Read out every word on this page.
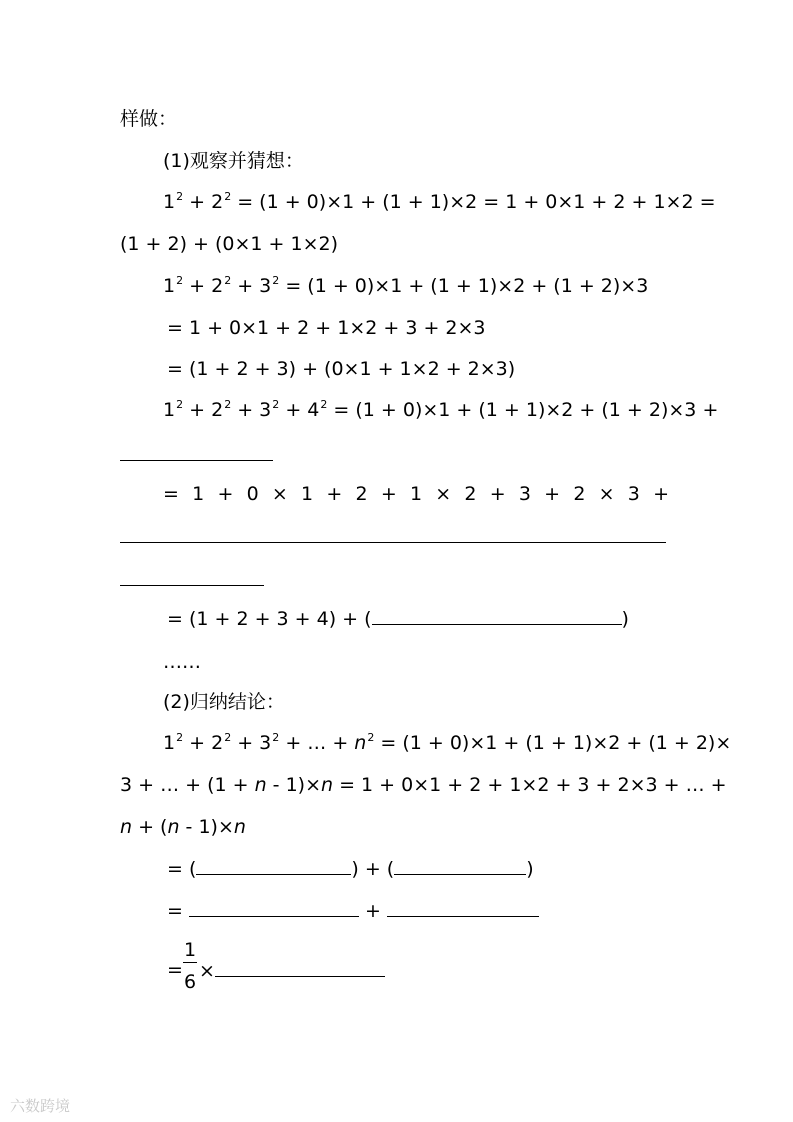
样做：
(1)观察并猜想：
$1^2 + 2^2 = (1 + 0)\times 1 + (1 + 1)\times 2 = 1 + 0\times 1 + 2 + 1\times 2$ =
(1 + 2) + (0×1 + 1×2)
$1^2 + 2^2 + 3^2 = (1 + 0)\times 1 + (1 + 1)\times 2 + (1 + 2)\times 3$
= 1 + 0×1 + 2 + 1×2 + 3 + 2×3
= (1 + 2 + 3) + (0×1 + 1×2 + 2×3)
$1^2 + 2^2 + 3^2 + 4^2 = (1 + 0)\times 1 + (1 + 1)\times 2 + (1 + 2)\times 3$ +
= 1 + 0 × 1 + 2 + 1 × 2 + 3 + 2 × 3 +
= (1 + 2 + 3 + 4) + (	)
……
(2)归纳结论：
$1^2 + 2^2 + 3^2$ + … + $n^2 = (1 + 0)\times 1 + (1 + 1)\times 2 + (1 + 2)\times$
3 + … + (1 + n - 1)×n = 1 + 0×1 + 2 + 1×2 + 3 + 2×3 + … +
n + (n - 1)×n
= (	) + (	)
=	+
=
1
6 ×
六数跨境
